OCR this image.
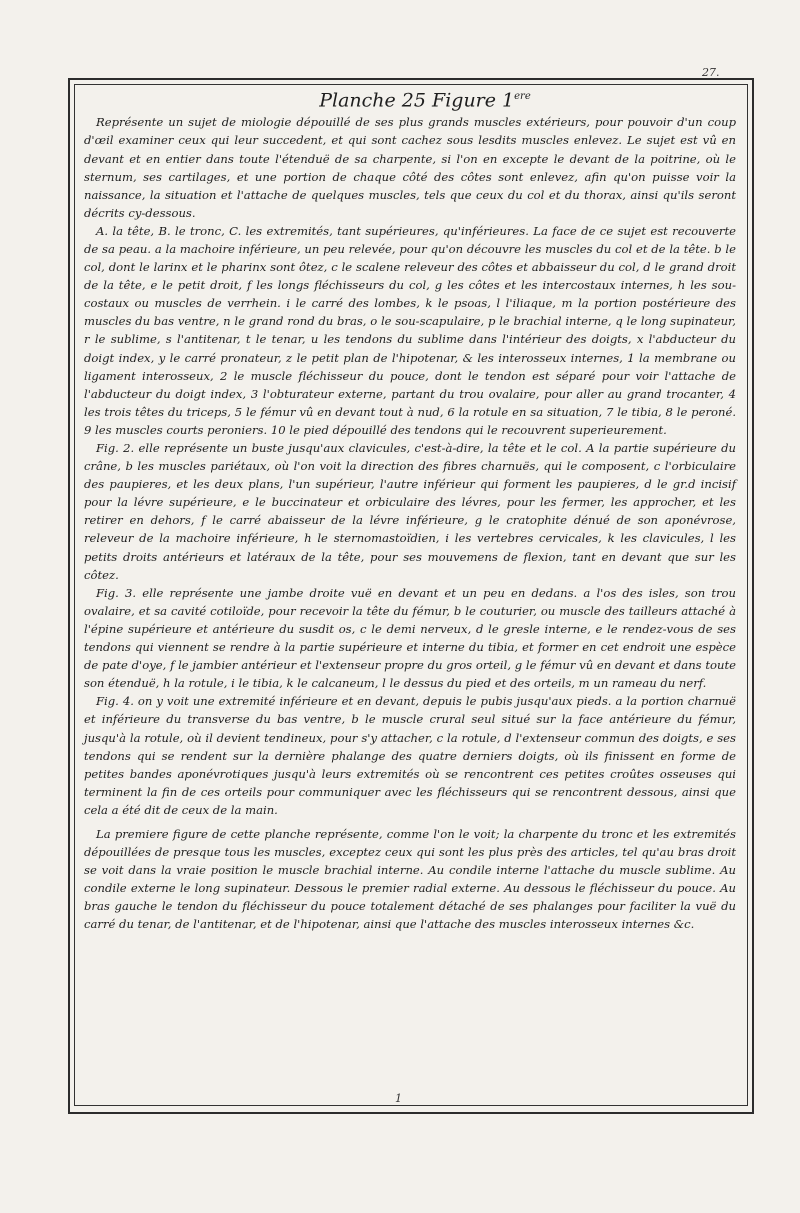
27.
Planche 25 Figure 1ere

Représente un sujet de miologie dépouillé de ses plus grands muscles extérieurs, pour pouvoir d'un coup d'œil examiner ceux qui leur succedent, et qui sont cachez sous lesdits muscles enlevez. Le sujet est vû en devant et en entier dans toute l'étenduë de sa charpente, si l'on en excepte le devant de la poitrine, où le sternum, ses cartilages, et une portion de chaque côté des côtes sont enlevez, afin qu'on puisse voir la naissance, la situation et l'attache de quelques muscles, tels que ceux du col et du thorax, ainsi qu'ils seront décrits cy-dessous.

A. la tête, B. le tronc, C. les extremités, tant supérieures, qu'inférieures. La face de ce sujet est recouverte de sa peau. a la machoire inférieure, un peu relevée, pour qu'on découvre les muscles du col et de la tête. b le col, dont le larinx et le pharinx sont ôtez, c le scalene releveur des côtes et abbaisseur du col, d le grand droit de la tête, e le petit droit, f les longs fléchisseurs du col, g les côtes et les intercostaux internes, h les sou-costaux ou muscles de verrhein. i le carré des lombes, k le psoas, l l'iliaque, m la portion postérieure des muscles du bas ventre, n le grand rond du bras, o le sou-scapulaire, p le brachial interne, q le long supinateur, r le sublime, s l'antitenar, t le tenar, u les tendons du sublime dans l'intérieur des doigts, x l'abducteur du doigt index, y le carré pronateur, z le petit plan de l'hipotenar, & les interosseux internes, 1 la membrane ou ligament interosseux, 2 le muscle fléchisseur du pouce, dont le tendon est séparé pour voir l'attache de l'abducteur du doigt index, 3 l'obturateur externe, partant du trou ovalaire, pour aller au grand trocanter, 4 les trois têtes du triceps, 5 le fémur vû en devant tout à nud, 6 la rotule en sa situation, 7 le tibia, 8 le peroné. 9 les muscles courts peroniers. 10 le pied dépouillé des tendons qui le recouvrent superieurement.

Fig. 2. elle représente un buste jusqu'aux clavicules, c'est-à-dire, la tête et le col. A la partie supérieure du crâne, b les muscles pariétaux, où l'on voit la direction des fibres charnuës, qui le composent, c l'orbiculaire des paupieres, et les deux plans, l'un supérieur, l'autre inférieur qui forment les paupieres, d le gr.d incisif pour la lévre supérieure, e le buccinateur et orbiculaire des lévres, pour les fermer, les approcher, et les retirer en dehors, f le carré abaisseur de la lévre inférieure, g le cratophite dénué de son aponévrose, releveur de la machoire inférieure, h le sternomastoïdien, i les vertebres cervicales, k les clavicules, l les petits droits antérieurs et latéraux de la tête, pour ses mouvemens de flexion, tant en devant que sur les côtez.

Fig. 3. elle représente une jambe droite vuë en devant et un peu en dedans. a l'os des isles, son trou ovalaire, et sa cavité cotiloïde, pour recevoir la tête du fémur, b le couturier, ou muscle des tailleurs attaché à l'épine supérieure et antérieure du susdit os, c le demi nerveux, d le gresle interne, e le rendez-vous de ses tendons qui viennent se rendre à la partie supérieure et interne du tibia, et former en cet endroit une espèce de pate d'oye, f le jambier antérieur et l'extenseur propre du gros orteil, g le fémur vû en devant et dans toute son étenduë, h la rotule, i le tibia, k le calcaneum, l le dessus du pied et des orteils, m un rameau du nerf.

Fig. 4. on y voit une extremité inférieure et en devant, depuis le pubis jusqu'aux pieds. a la portion charnuë et inférieure du transverse du bas ventre, b le muscle crural seul situé sur la face antérieure du fémur, jusqu'à la rotule, où il devient tendineux, pour s'y attacher, c la rotule, d l'extenseur commun des doigts, e ses tendons qui se rendent sur la dernière phalange des quatre derniers doigts, où ils finissent en forme de petites bandes aponévrotiques jusqu'à leurs extremités où se rencontrent ces petites croûtes osseuses qui terminent la fin de ces orteils pour communiquer avec les fléchisseurs qui se rencontrent dessous, ainsi que cela a été dit de ceux de la main.

La premiere figure de cette planche représente, comme l'on le voit; la charpente du tronc et les extremités dépouillées de presque tous les muscles, exceptez ceux qui sont les plus près des articles, tel qu'au bras droit se voit dans la vraie position le muscle brachial interne. Au condile interne l'attache du muscle sublime. Au condile externe le long supinateur. Dessous le premier radial externe. Au dessous le fléchisseur du pouce. Au bras gauche le tendon du fléchisseur du pouce totalement détaché de ses phalanges pour faciliter la vuë du carré du tenar, de l'antitenar, et de l'hipotenar, ainsi que l'attache des muscles interosseux internes &c.

1
